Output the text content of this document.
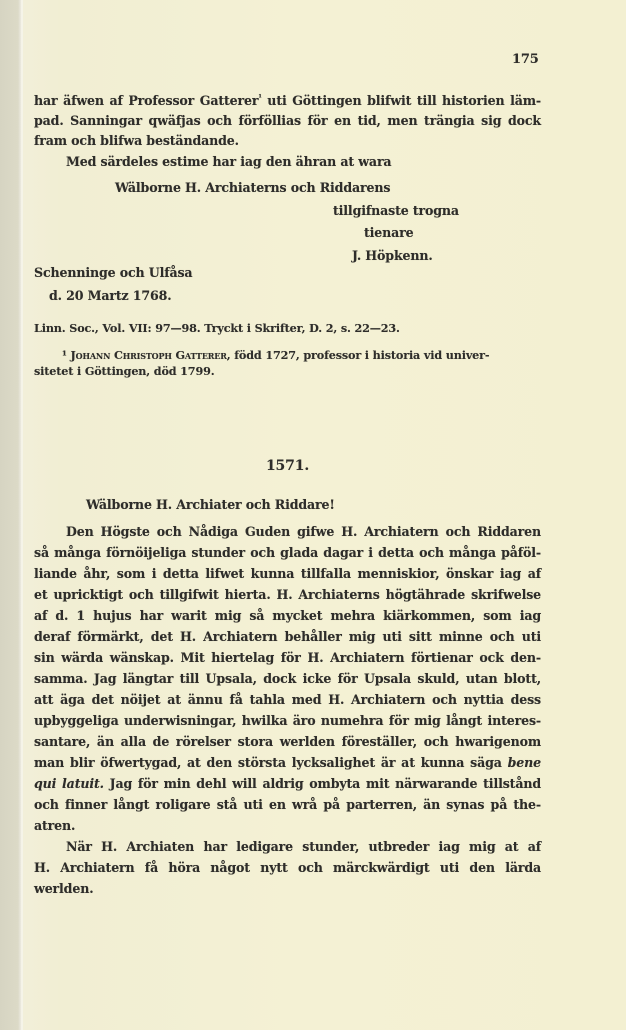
175
har äfwen af Professor Gatterer$^{^1}$ uti Göttingen blifwit till historien läm-
pad. Sanningar qwäfjas och förföllias för en tid, men trängia sig dock
fram och blifwa beständande.
Med särdeles estime har iag den ähran at wara
Wälborne H. Archiaterns och Riddarens
tillgifnaste trogna
tienare
J. Höpkenn.
Schenninge och Ulfåsa
d. 20 Martz 1768.
Linn. Soc., Vol. VII: 97—98. Tryckt i Skrifter, D. 2, s. 22—23.
¹ Johann Christoph Gatterer, född 1727, professor i historia vid univer-
sitetet i Göttingen, död 1799.
1571.
Wälborne H. Archiater och Riddare!
Den Högste och Nådiga Guden gifwe H. Archiatern och Riddaren
så många förnöijeliga stunder och glada dagar i detta och många påföl-
liande åhr, som i detta lifwet kunna tillfalla menniskior, önskar iag af
et upricktigt och tillgifwit hierta. H. Archiaterns högtährade skrifwelse
af d. 1 hujus har warit mig så mycket mehra kiärkommen, som iag
deraf förmärkt, det H. Archiatern behåller mig uti sitt minne och uti
sin wärda wänskap. Mit hiertelag för H. Archiatern förtienar ock den-
samma. Jag längtar till Upsala, dock icke för Upsala skuld, utan blott,
att äga det nöijet at ännu få tahla med H. Archiatern och nyttia dess
upbyggeliga underwisningar, hwilka äro numehra för mig långt interes-
santare, än alla de rörelser stora werlden föreställer, och hwarigenom
man blir öfwertygad, at den största lycksalighet är at kunna säga bene
qui latuit. Jag för min dehl will aldrig ombyta mit närwarande tillstånd
och finner långt roligare stå uti en wrå på parterren, än synas på the-
atren.
När H. Archiaten har ledigare stunder, utbreder iag mig at af
H. Archiatern få höra något nytt och märckwärdigt uti den lärda
werlden.
